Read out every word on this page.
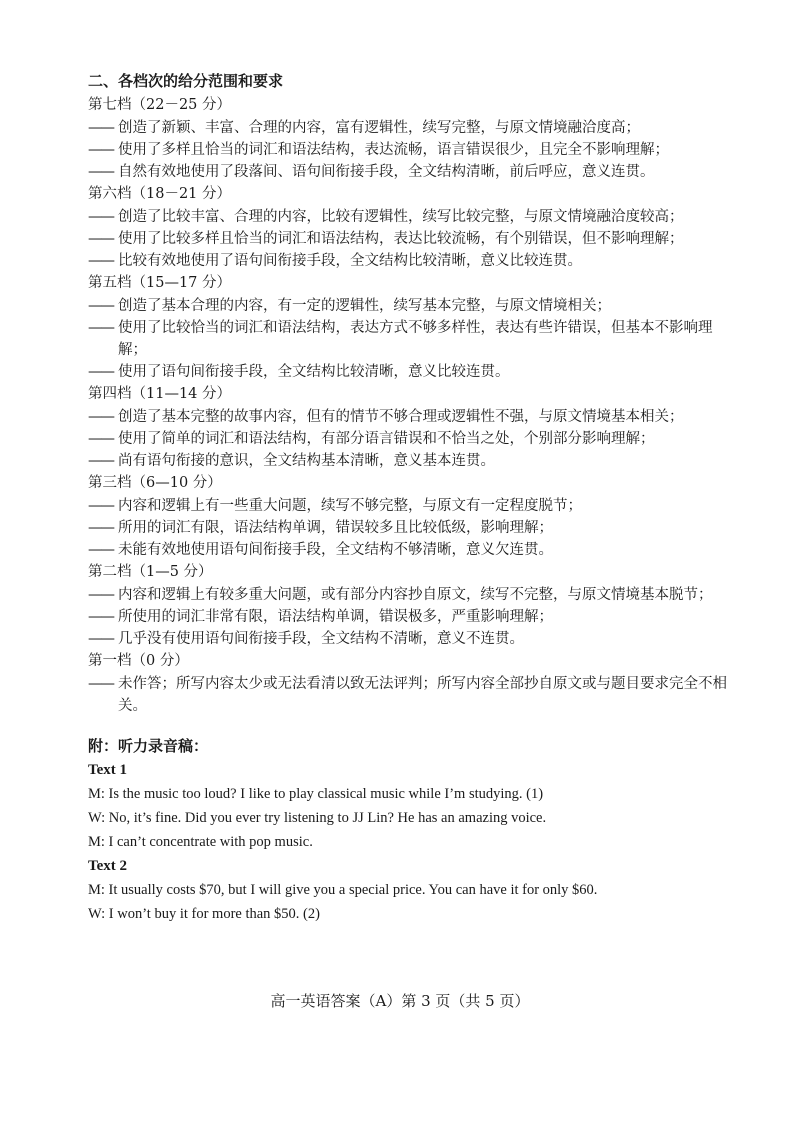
二、各档次的给分范围和要求

第七档（22－25 分）

—— 创造了新颖、丰富、合理的内容，富有逻辑性，续写完整，与原文情境融洽度高；
—— 使用了多样且恰当的词汇和语法结构，表达流畅，语言错误很少，且完全不影响理解；
—— 自然有效地使用了段落间、语句间衔接手段，全文结构清晰，前后呼应，意义连贯。

第六档（18－21 分）

—— 创造了比较丰富、合理的内容，比较有逻辑性，续写比较完整，与原文情境融洽度较高；
—— 使用了比较多样且恰当的词汇和语法结构，表达比较流畅，有个别错误，但不影响理解；
—— 比较有效地使用了语句间衔接手段，全文结构比较清晰，意义比较连贯。

第五档（15—17 分）

—— 创造了基本合理的内容，有一定的逻辑性，续写基本完整，与原文情境相关；
—— 使用了比较恰当的词汇和语法结构，表达方式不够多样性，表达有些许错误，但基本不影响理解；
—— 使用了语句间衔接手段，全文结构比较清晰，意义比较连贯。

第四档（11—14 分）

—— 创造了基本完整的故事内容，但有的情节不够合理或逻辑性不强，与原文情境基本相关；
—— 使用了简单的词汇和语法结构，有部分语言错误和不恰当之处，个别部分影响理解；
—— 尚有语句衔接的意识，全文结构基本清晰，意义基本连贯。

第三档（6—10 分）

—— 内容和逻辑上有一些重大问题，续写不够完整，与原文有一定程度脱节；
—— 所用的词汇有限，语法结构单调，错误较多且比较低级，影响理解；
—— 未能有效地使用语句间衔接手段，全文结构不够清晰，意义欠连贯。

第二档（1—5 分）

—— 内容和逻辑上有较多重大问题，或有部分内容抄自原文，续写不完整，与原文情境基本脱节；
—— 所使用的词汇非常有限，语法结构单调，错误极多，严重影响理解；
—— 几乎没有使用语句间衔接手段，全文结构不清晰，意义不连贯。

第一档（0 分）

—— 未作答；所写内容太少或无法看清以致无法评判；所写内容全部抄自原文或与题目要求完全不相关。

附：听力录音稿：

Text 1

M: Is the music too loud? I like to play classical music while I’m studying. (1)

W: No, it’s fine. Did you ever try listening to JJ Lin? He has an amazing voice.

M: I can’t concentrate with pop music.

Text 2

M: It usually costs $70, but I will give you a special price. You can have it for only $60.

W: I won’t buy it for more than $50. (2)

高一英语答案（A）第 3 页（共 5 页）
